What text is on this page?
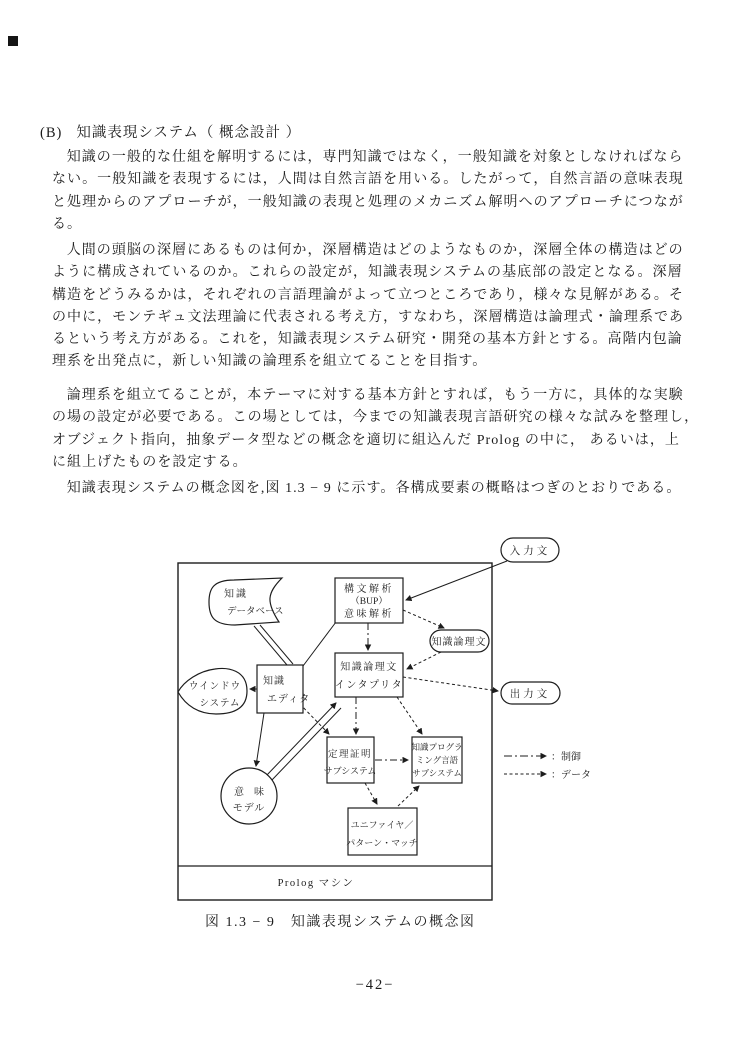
(B) 知識表現システム（ 概念設計 ）
知識の一般的な仕組を解明するには，専門知識ではなく，一般知識を対象としなければなら
ない。一般知識を表現するには，人間は自然言語を用いる。したがって，自然言語の意味表現
と処理からのアプローチが，一般知識の表現と処理のメカニズム解明へのアプローチにつなが
る。
人間の頭脳の深層にあるものは何か，深層構造はどのようなものか，深層全体の構造はどの
ように構成されているのか。これらの設定が，知識表現システムの基底部の設定となる。深層
構造をどうみるかは，それぞれの言語理論がよって立つところであり，様々な見解がある。そ
の中に，モンテギュ文法理論に代表される考え方，すなわち，深層構造は論理式・論理系であ
るという考え方がある。これを，知識表現システム研究・開発の基本方針とする。高階内包論
理系を出発点に，新しい知識の論理系を組立てることを目指す。
論理系を組立てることが，本テーマに対する基本方針とすれば，もう一方に，具体的な実験
の場の設定が必要である。この場としては，今までの知識表現言語研究の様々な試みを整理し，
オブジェクト指向，抽象データ型などの概念を適切に組込んだ Prolog の中に， あるいは，上
に組上げたものを設定する。
知識表現システムの概念図を,図 1.3 − 9 に示す。各構成要素の概略はつぎのとおりである。
Prolog マシン
入力文
知識
データベース
構文解析
（BUP）
意味解析
知識論理文
知識論理文
インタプリタ
ウインドウ
システム
知識
エディタ	出力文
定理証明
サブシステム
知識プログラ
ミング言語
サブシステム
意　味
モデル
ユニファイヤ／
パターン・マッチ
：制御
：データ
図 1.3 − 9　知識表現システムの概念図
−42−
